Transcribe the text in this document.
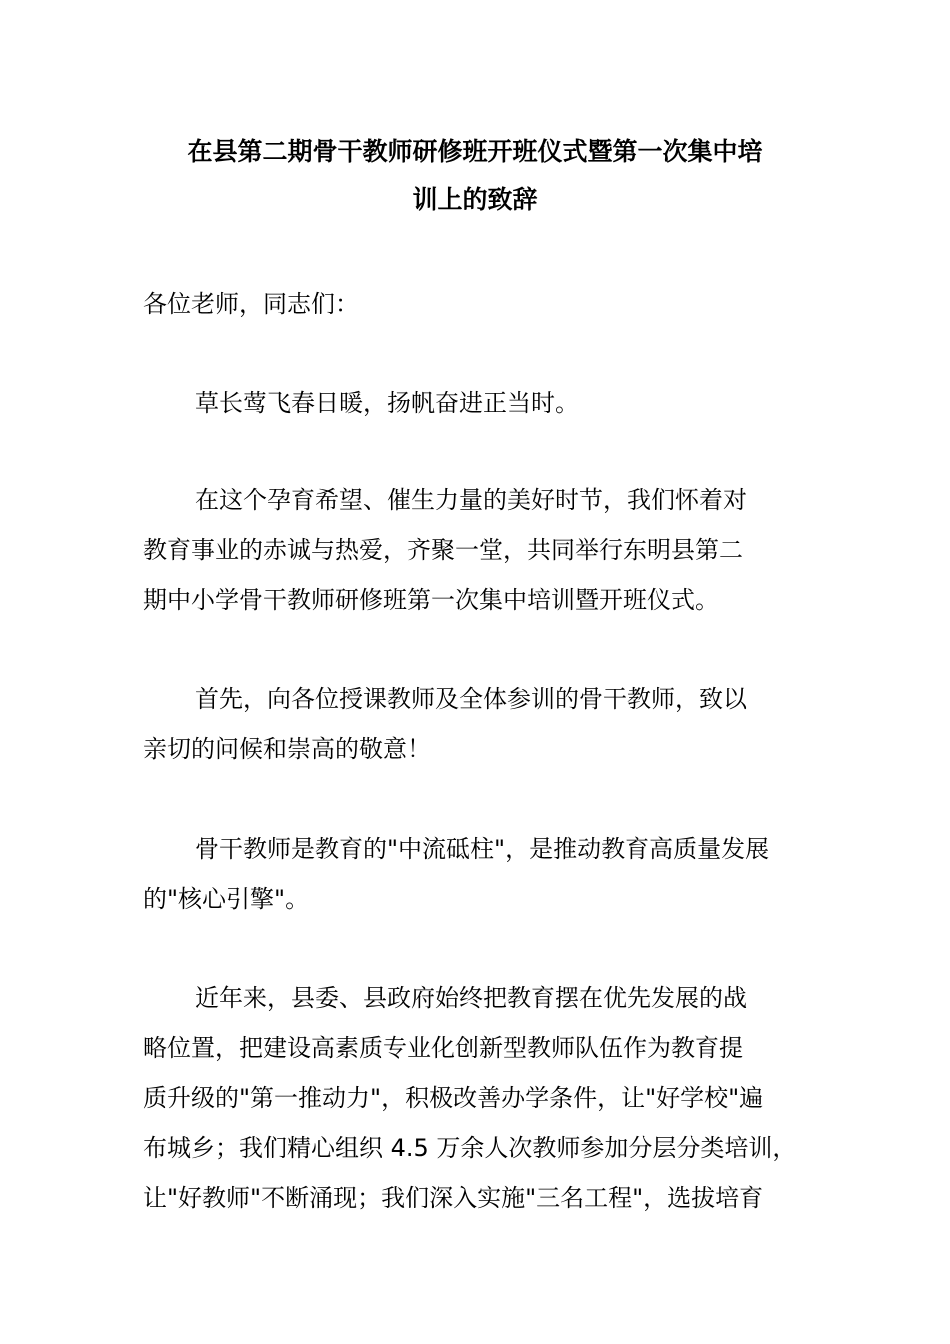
在县第二期骨干教师研修班开班仪式暨第一次集中培
训上的致辞

各位老师，同志们：

草长莺飞春日暖，扬帆奋进正当时。

在这个孕育希望、催生力量的美好时节，我们怀着对
教育事业的赤诚与热爱，齐聚一堂，共同举行东明县第二
期中小学骨干教师研修班第一次集中培训暨开班仪式。

首先，向各位授课教师及全体参训的骨干教师，致以
亲切的问候和崇高的敬意！

骨干教师是教育的"中流砥柱"，是推动教育高质量发展
的"核心引擎"。

近年来，县委、县政府始终把教育摆在优先发展的战
略位置，把建设高素质专业化创新型教师队伍作为教育提
质升级的"第一推动力"，积极改善办学条件，让"好学校"遍
布城乡；我们精心组织 4.5 万余人次教师参加分层分类培训，
让"好教师"不断涌现；我们深入实施"三名工程"，选拔培育
